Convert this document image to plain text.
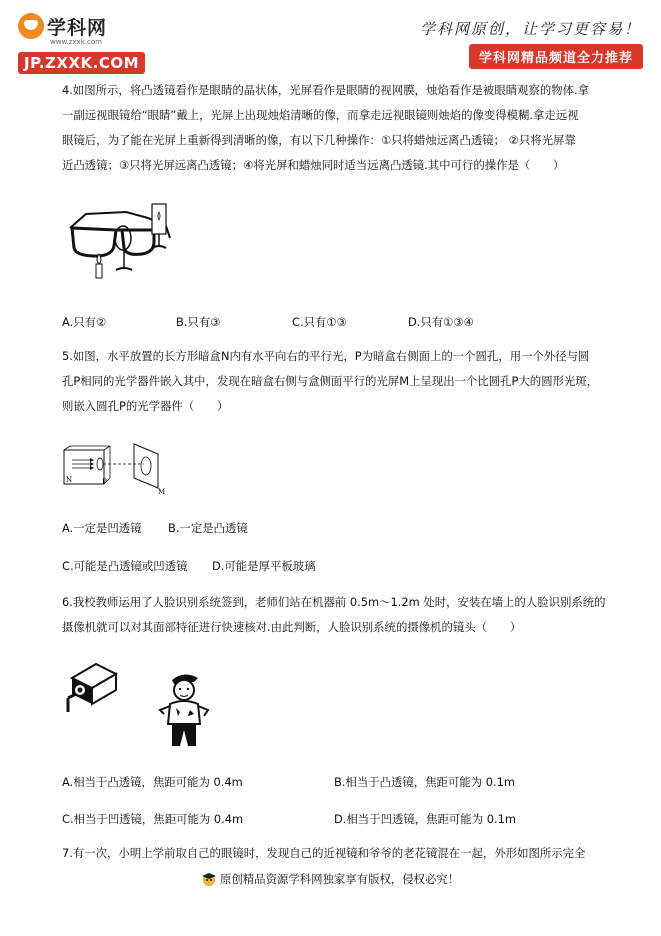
学科网
www.zxxk.com
JP.ZXXK.COM
学科网原创，让学习更容易！
学科网精品频道全力推荐
4.如图所示，将凸透镜看作是眼睛的晶状体，光屏看作是眼睛的视网膜，烛焰看作是被眼睛观察的物体.拿
一副远视眼镜给“眼睛”戴上，光屏上出现烛焰清晰的像，而拿走远视眼镜则烛焰的像变得模糊.拿走远视
眼镜后，为了能在光屏上重新得到清晰的像，有以下几种操作：①只将蜡烛远离凸透镜； ②只将光屏靠
近凸透镜；③只将光屏远离凸透镜；④将光屏和蜡烛同时适当远离凸透镜.其中可行的操作是（　　）
A.只有②	B.只有③	C.只有①③	D.只有①③④
5.如图，水平放置的长方形暗盒N内有水平向右的平行光，P为暗盒右侧面上的一个圆孔，用一个外径与圆
孔P相同的光学器件嵌入其中，发现在暗盒右侧与盒侧面平行的光屏M上呈现出一个比圆孔P大的圆形光斑，
则嵌入圆孔P的光学器件（　　）
N	P
M
A.一定是凹透镜 B.一定是凸透镜
C.可能是凸透镜或凹透镜 D.可能是厚平板玻璃
6.我校教师运用了人脸识别系统签到，老师们站在机器前 0.5m～1.2m 处时，安装在墙上的人脸识别系统的
摄像机就可以对其面部特征进行快速核对.由此判断，人脸识别系统的摄像机的镜头（　　）
A.相当于凸透镜，焦距可能为 0.4m	B.相当于凸透镜，焦距可能为 0.1m
C.相当于凹透镜，焦距可能为 0.4m	D.相当于凹透镜，焦距可能为 0.1m
7.有一次，小明上学前取自己的眼镜时，发现自己的近视镜和爷爷的老花镜混在一起，外形如图所示完全
原创精品资源学科网独家享有版权，侵权必究！
